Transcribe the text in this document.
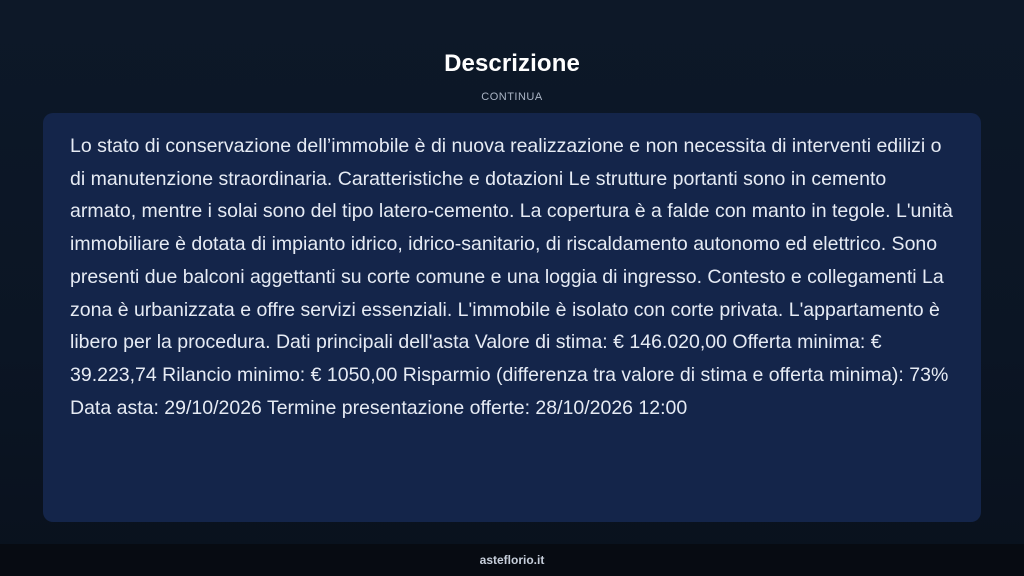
Descrizione
CONTINUA

Lo stato di conservazione dell’immobile è di nuova realizzazione e non necessita di interventi edilizi o di manutenzione straordinaria. Caratteristiche e dotazioni Le strutture portanti sono in cemento armato, mentre i solai sono del tipo latero-cemento. La copertura è a falde con manto in tegole. L'unità immobiliare è dotata di impianto idrico, idrico-sanitario, di riscaldamento autonomo ed elettrico. Sono presenti due balconi aggettanti su corte comune e una loggia di ingresso. Contesto e collegamenti La zona è urbanizzata e offre servizi essenziali. L'immobile è isolato con corte privata. L'appartamento è libero per la procedura. Dati principali dell'asta Valore di stima: € 146.020,00 Offerta minima: € 39.223,74 Rilancio minimo: € 1050,00 Risparmio (differenza tra valore di stima e offerta minima): 73% Data asta: 29/10/2026 Termine presentazione offerte: 28/10/2026 12:00

asteflorio.it
